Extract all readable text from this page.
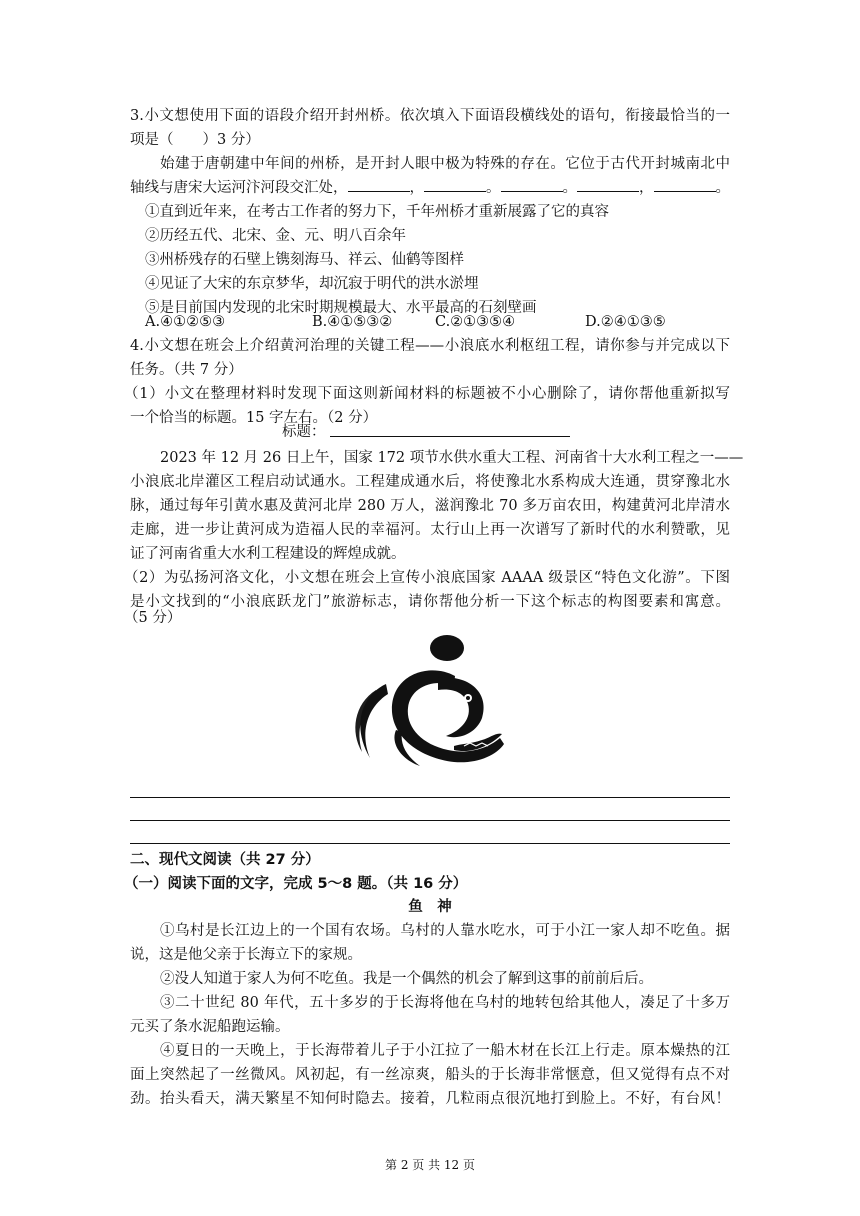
3.小文想使用下面的语段介绍开封州桥。依次填入下面语段横线处的语句，衔接最恰当的一
项是（　　）3 分）
始建于唐朝建中年间的州桥，是开封人眼中极为特殊的存在。它位于古代开封城南北中
轴线与唐宋大运河汴河段交汇处，	，	。	。	，	。
①直到近年来，在考古工作者的努力下，千年州桥才重新展露了它的真容
②历经五代、北宋、金、元、明八百余年
③州桥残存的石壁上镌刻海马、祥云、仙鹤等图样
④见证了大宋的东京梦华，却沉寂于明代的洪水淤埋
⑤是目前国内发现的北宋时期规模最大、水平最高的石刻壁画
A.④①②⑤③	B.④①⑤③②	C.②①③⑤④	D.②④①③⑤
4.小文想在班会上介绍黄河治理的关键工程——小浪底水利枢纽工程，请你参与并完成以下
任务。（共 7 分）
（1）小文在整理材料时发现下面这则新闻材料的标题被不小心删除了，请你帮他重新拟写
一个恰当的标题。15 字左右。（2 分）
标题：
2023 年 12 月 26 日上午，国家 172 项节水供水重大工程、河南省十大水利工程之一——
小浪底北岸灌区工程启动试通水。工程建成通水后，将使豫北水系构成大连通，贯穿豫北水
脉，通过每年引黄水惠及黄河北岸 280 万人，滋润豫北 70 多万亩农田，构建黄河北岸清水
走廊，进一步让黄河成为造福人民的幸福河。太行山上再一次谱写了新时代的水利赞歌，见
证了河南省重大水利工程建设的辉煌成就。
（2）为弘扬河洛文化，小文想在班会上宣传小浪底国家 AAAA 级景区“特色文化游”。下图
是小文找到的“小浪底跃龙门”旅游标志，请你帮他分析一下这个标志的构图要素和寓意。
（5 分）
二、现代文阅读（共 27 分）
（一）阅读下面的文字，完成 5～8 题。（共 16 分）
鱼　神
①乌村是长江边上的一个国有农场。乌村的人靠水吃水，可于小江一家人却不吃鱼。据
说，这是他父亲于长海立下的家规。
②没人知道于家人为何不吃鱼。我是一个偶然的机会了解到这事的前前后后。
③二十世纪 80 年代，五十多岁的于长海将他在乌村的地转包给其他人，凑足了十多万
元买了条水泥船跑运输。
④夏日的一天晚上，于长海带着儿子于小江拉了一船木材在长江上行走。原本燥热的江
面上突然起了一丝微风。风初起，有一丝凉爽，船头的于长海非常惬意，但又觉得有点不对
劲。抬头看天，满天繁星不知何时隐去。接着，几粒雨点很沉地打到脸上。不好，有台风！
第 2 页 共 12 页
